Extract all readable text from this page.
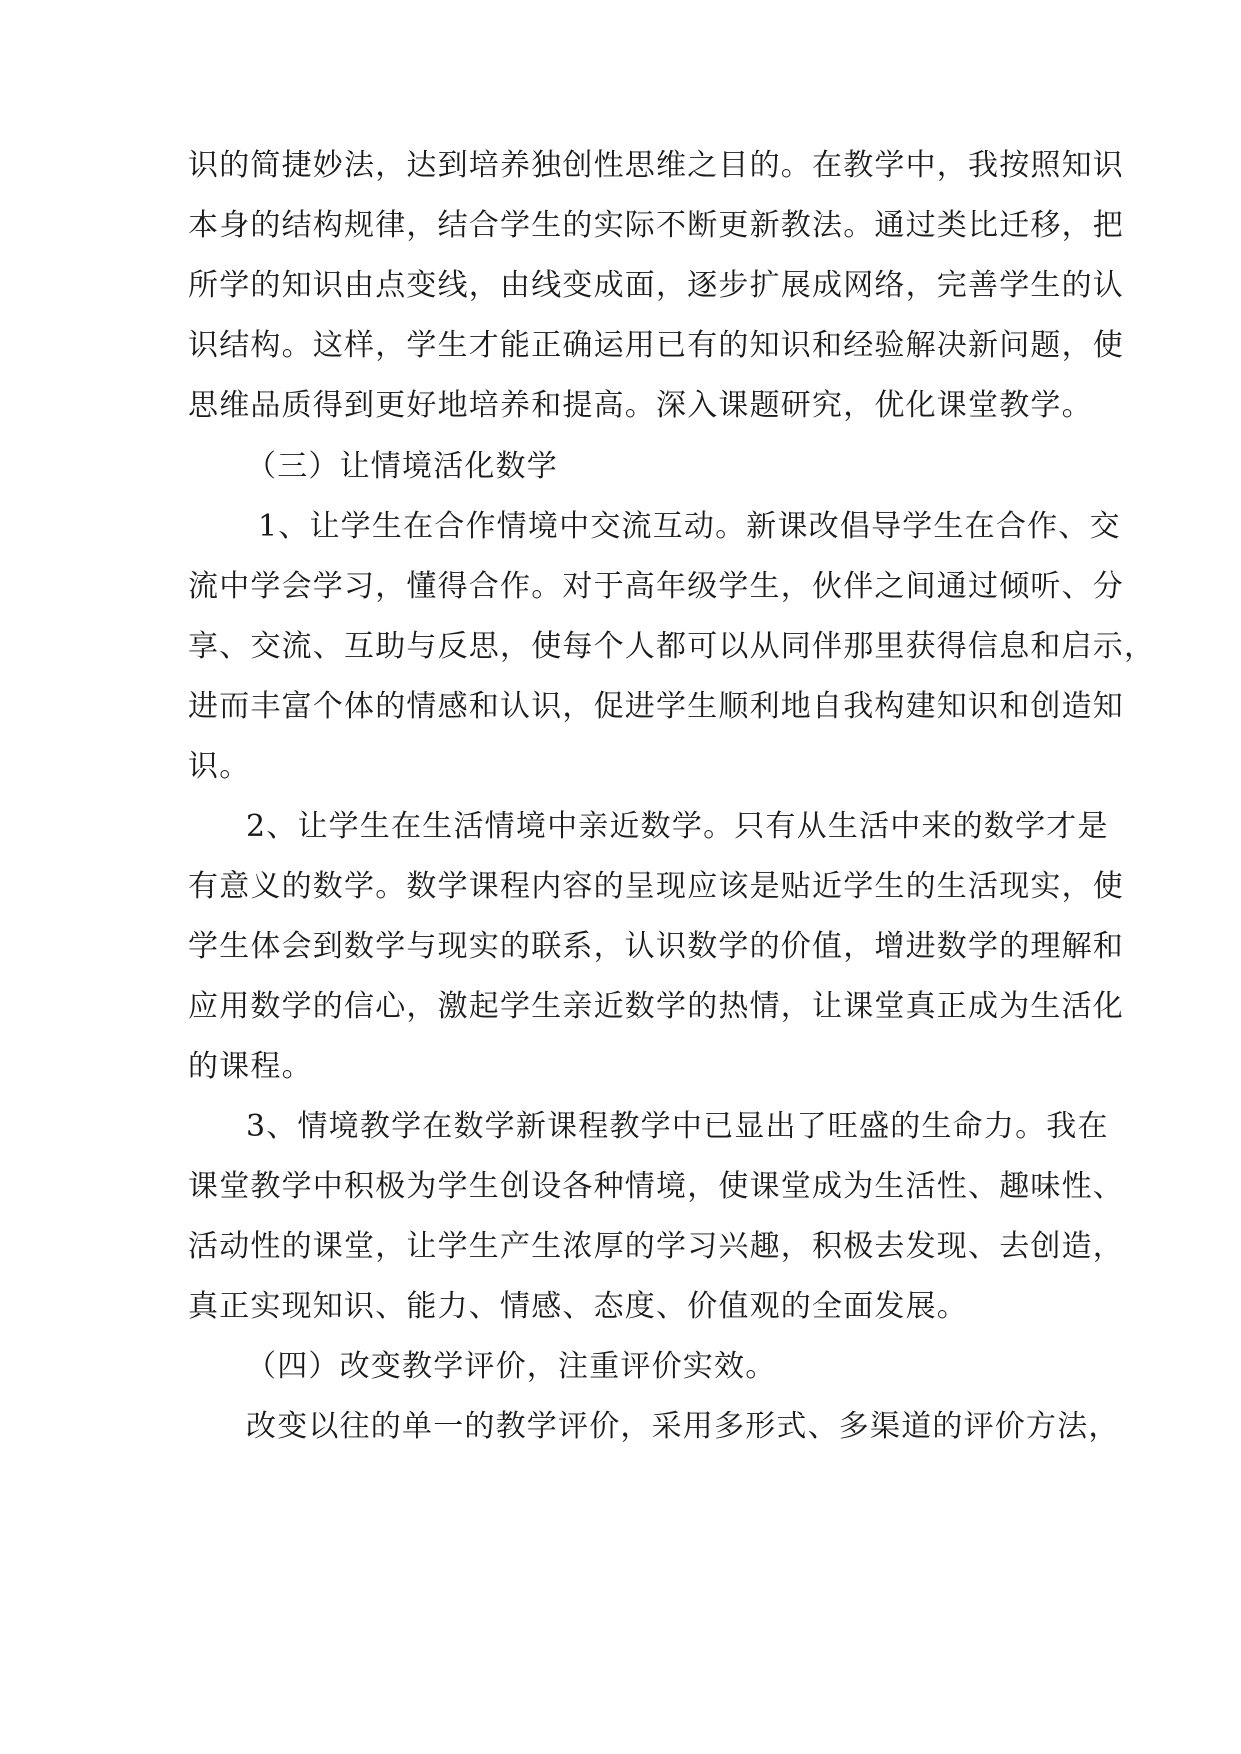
识的简捷妙法，达到培养独创性思维之目的。在教学中，我按照知识
本身的结构规律，结合学生的实际不断更新教法。通过类比迁移，把
所学的知识由点变线，由线变成面，逐步扩展成网络，完善学生的认
识结构。这样，学生才能正确运用已有的知识和经验解决新问题，使
思维品质得到更好地培养和提高。深入课题研究，优化课堂教学。
（三）让情境活化数学
1、让学生在合作情境中交流互动。新课改倡导学生在合作、交
流中学会学习，懂得合作。对于高年级学生，伙伴之间通过倾听、分
享、交流、互助与反思，使每个人都可以从同伴那里获得信息和启示，
进而丰富个体的情感和认识，促进学生顺利地自我构建知识和创造知
识。
2、让学生在生活情境中亲近数学。只有从生活中来的数学才是
有意义的数学。数学课程内容的呈现应该是贴近学生的生活现实，使
学生体会到数学与现实的联系，认识数学的价值，增进数学的理解和
应用数学的信心，激起学生亲近数学的热情，让课堂真正成为生活化
的课程。
3、情境教学在数学新课程教学中已显出了旺盛的生命力。我在
课堂教学中积极为学生创设各种情境，使课堂成为生活性、趣味性、
活动性的课堂，让学生产生浓厚的学习兴趣，积极去发现、去创造，
真正实现知识、能力、情感、态度、价值观的全面发展。
（四）改变教学评价，注重评价实效。
改变以往的单一的教学评价，采用多形式、多渠道的评价方法，
